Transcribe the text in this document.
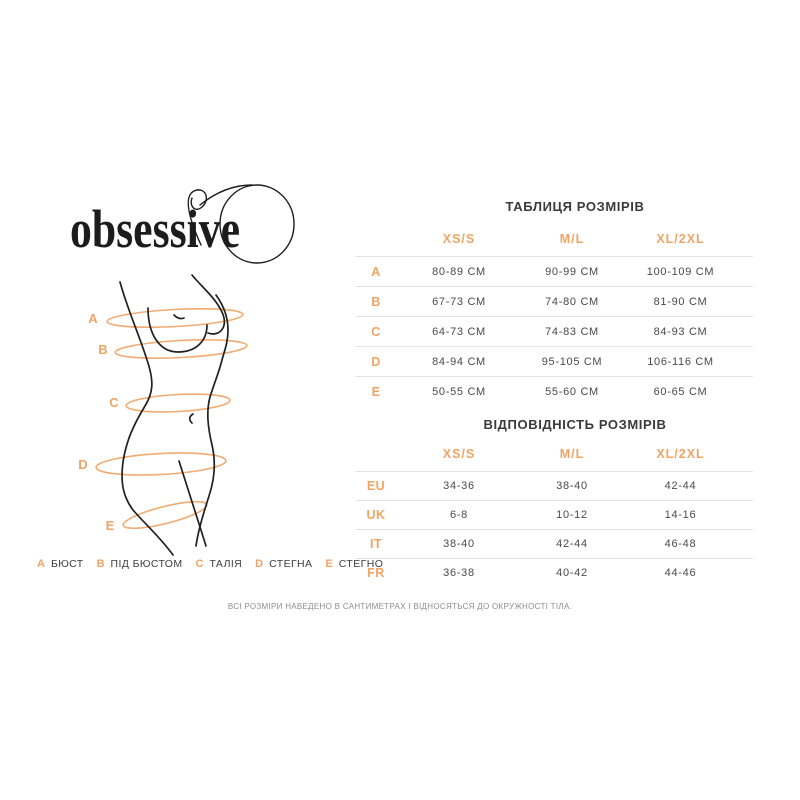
obsessive
A
B
C
D
E
ТАБЛИЦЯ РОЗМІРІВ
XS/S	M/L	XL/2XL
A	80-89 СМ	90-99 СМ	100-109 СМ
B	67-73 СМ	74-80 СМ	81-90 СМ
C	64-73 СМ	74-83 СМ	84-93 СМ
D	84-94 СМ	95-105 СМ	106-116 СМ
E	50-55 СМ	55-60 СМ	60-65 СМ
ВІДПОВІДНІСТЬ РОЗМІРІВ
XS/S	M/L	XL/2XL
EU	34-36	38-40	42-44
UK	6-8	10-12	14-16
IT	38-40	42-44	46-48
FR	36-38	40-42	44-46
A БЮСТ B ПІД БЮСТОМ C ТАЛІЯ D СТЕГНА E СТЕГНО
ВСІ РОЗМІРИ НАВЕДЕНО В САНТИМЕТРАХ І ВІДНОСЯТЬСЯ ДО ОКРУЖНОСТІ ТІЛА.
